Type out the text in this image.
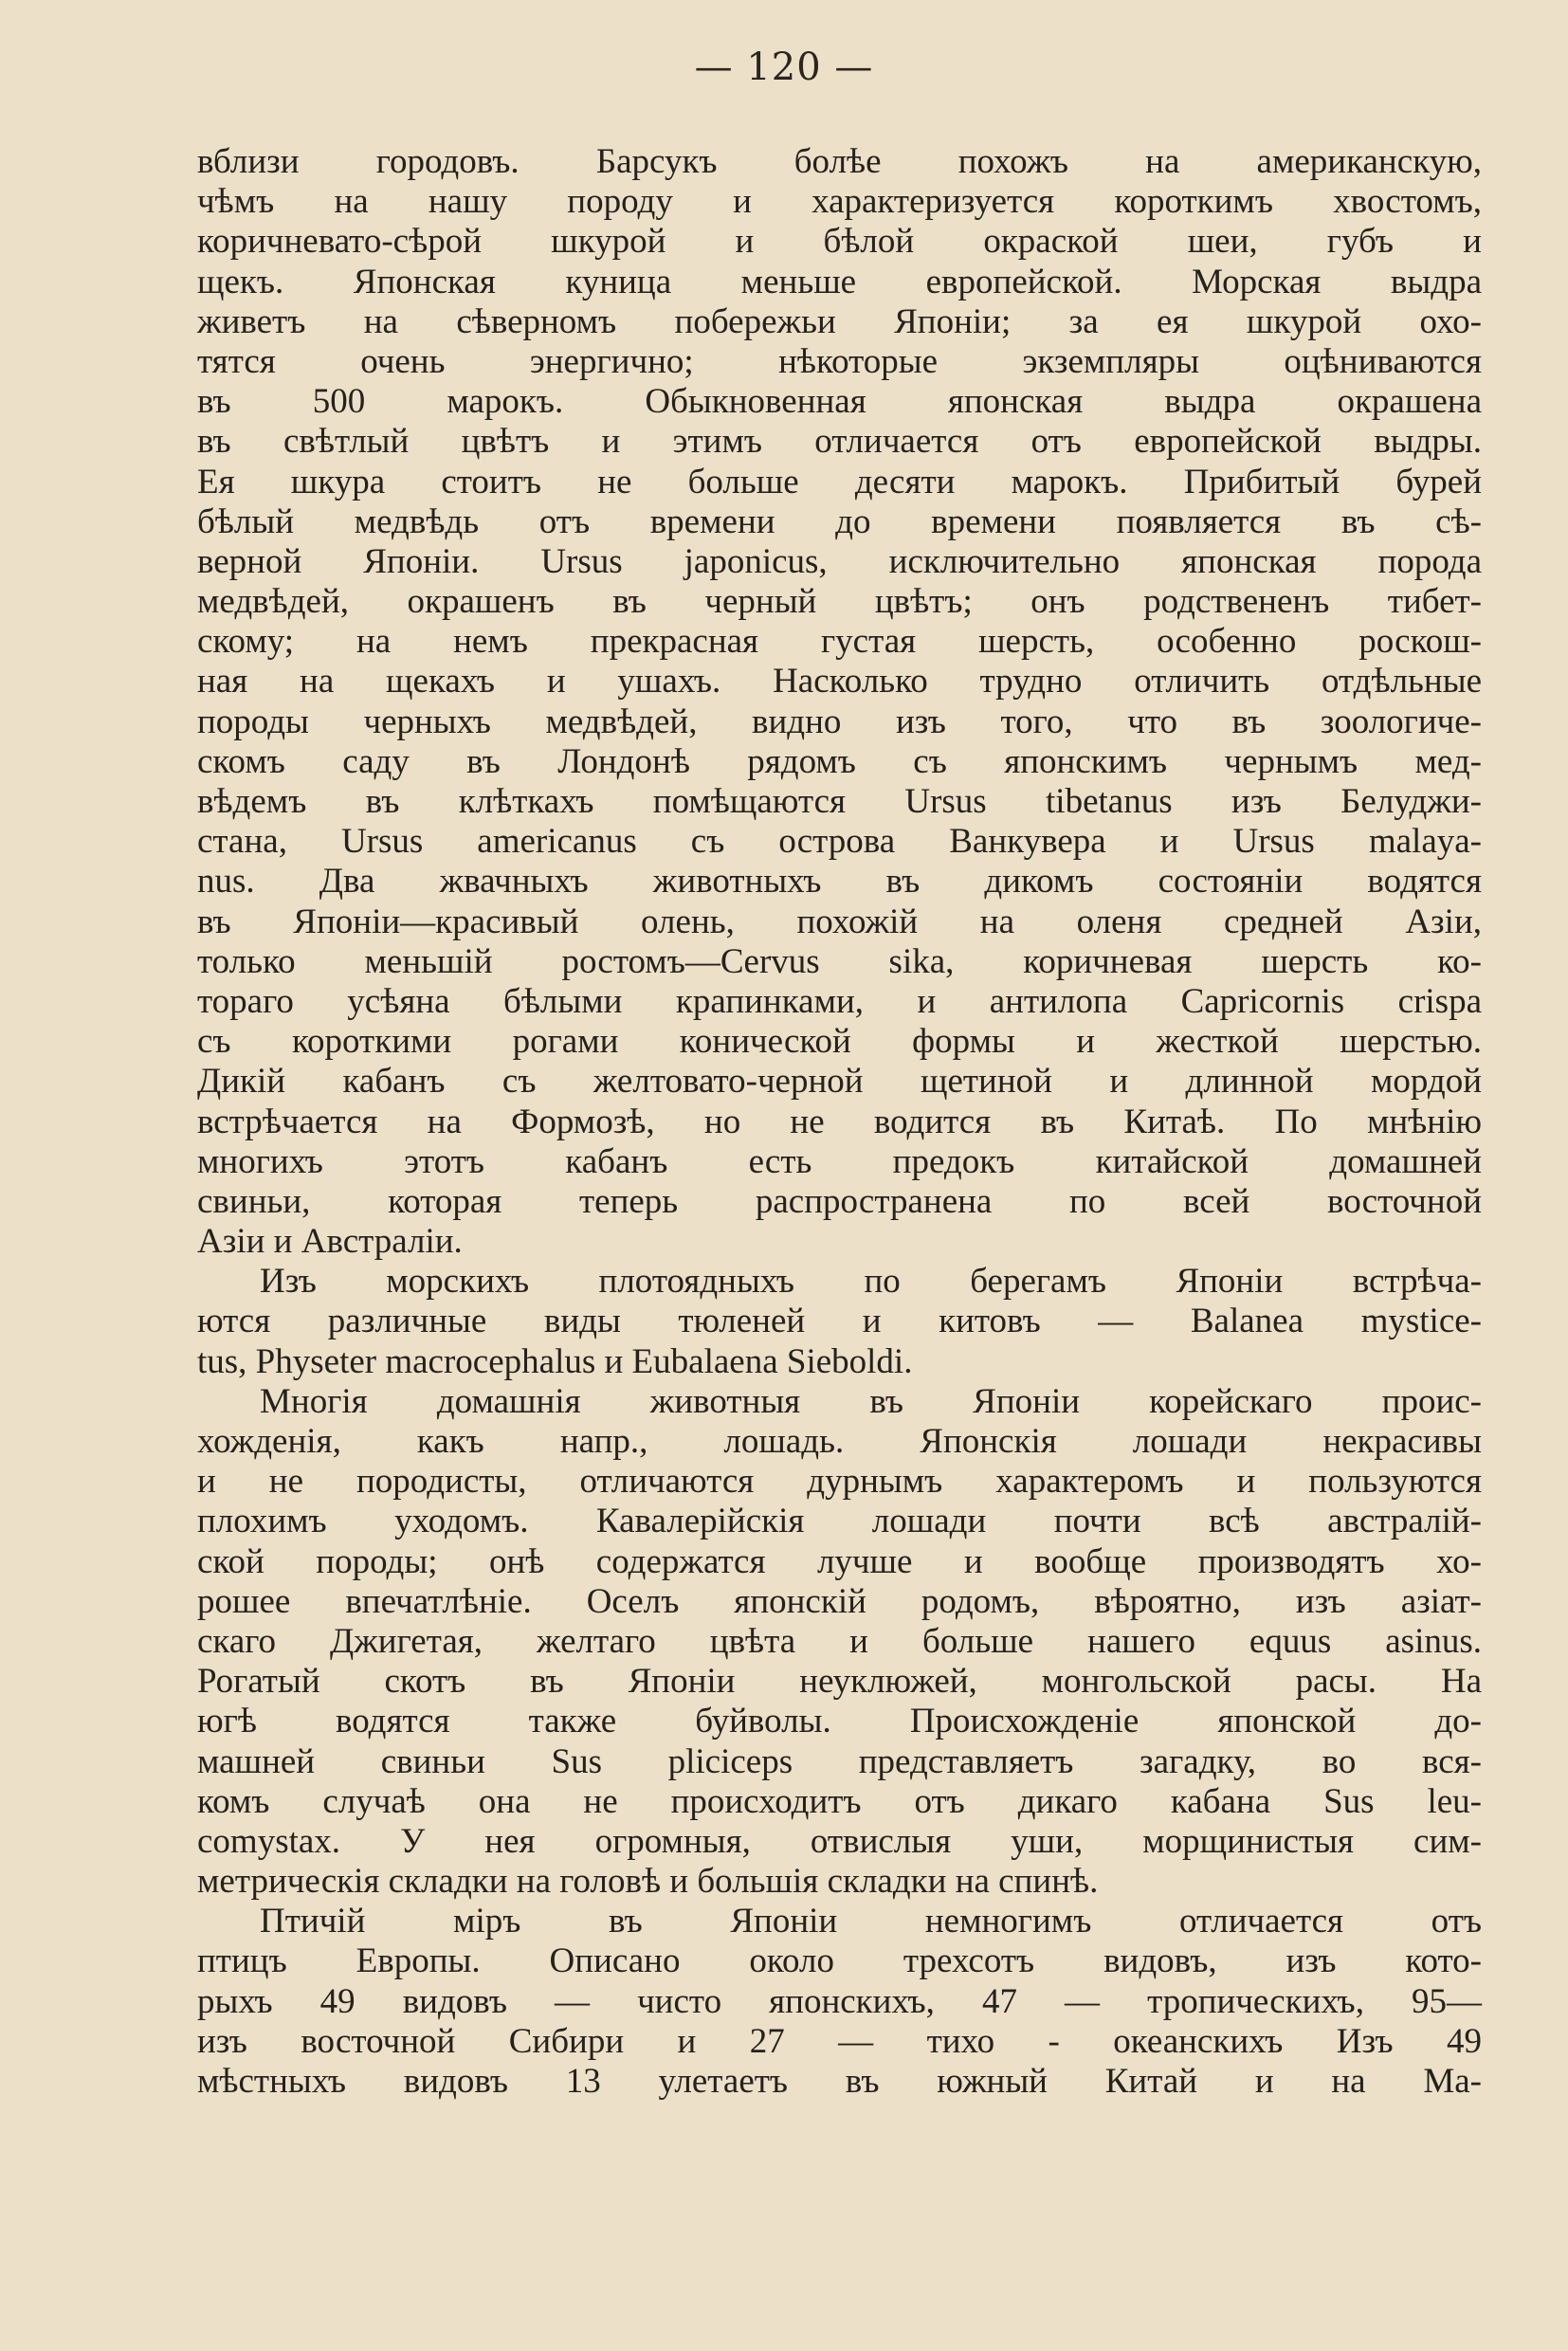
— 120 —
вблизи городовъ. Барсукъ болѣе похожъ на американскую,
чѣмъ на нашу породу и характеризуется короткимъ хвостомъ,
коричневато-сѣрой шкурой и бѣлой окраской шеи, губъ и
щекъ. Японская куница меньше европейской. Морская выдра
живетъ на сѣверномъ побережьи Японіи; за ея шкурой охо-
тятся очень энергично; нѣкоторые экземпляры оцѣниваются
въ 500 марокъ. Обыкновенная японская выдра окрашена
въ свѣтлый цвѣтъ и этимъ отличается отъ европейской выдры.
Ея шкура стоитъ не больше десяти марокъ. Прибитый бурей
бѣлый медвѣдь отъ времени до времени появляется въ сѣ-
верной Японіи. Ursus japonicus, исключительно японская порода
медвѣдей, окрашенъ въ черный цвѣтъ; онъ родствененъ тибет-
скому; на немъ прекрасная густая шерсть, особенно роскош-
ная на щекахъ и ушахъ. Насколько трудно отличить отдѣльные
породы черныхъ медвѣдей, видно изъ того, что въ зоологиче-
скомъ саду въ Лондонѣ рядомъ съ японскимъ чернымъ мед-
вѣдемъ въ клѣткахъ помѣщаются Ursus tibetanus изъ Белуджи-
стана, Ursus americanus съ острова Ванкувера и Ursus malaya-
nus. Два жвачныхъ животныхъ въ дикомъ состояніи водятся
въ Японіи—красивый олень, похожій на оленя средней Азіи,
только меньшій ростомъ—Cervus sika, коричневая шерсть ко-
тораго усѣяна бѣлыми крапинками, и антилопа Capricornis crispa
съ короткими рогами конической формы и жесткой шерстью.
Дикій кабанъ съ желтовато-черной щетиной и длинной мордой
встрѣчается на Формозѣ, но не водится въ Китаѣ. По мнѣнію
многихъ этотъ кабанъ есть предокъ китайской домашней
свиньи, которая теперь распространена по всей восточной
Азіи и Австраліи.
Изъ морскихъ плотоядныхъ по берегамъ Японіи встрѣча-
ются различные виды тюленей и китовъ — Balanea mysticе-
tus, Physeter macrocephalus и Eubalaena Sieboldi.
Многія домашнія животныя въ Японіи корейскаго проис-
хожденія, какъ напр., лошадь. Японскія лошади некрасивы
и не породисты, отличаются дурнымъ характеромъ и пользуются
плохимъ уходомъ. Кавалерійскія лошади почти всѣ австралій-
ской породы; онѣ содержатся лучше и вообще производятъ хо-
рошее впечатлѣніе. Оселъ японскій родомъ, вѣроятно, изъ азіат-
скаго Джигетая, желтаго цвѣта и больше нашего equus asinus.
Рогатый скотъ въ Японіи неуклюжей, монгольской расы. На
югѣ водятся также буйволы. Происхожденіе японской до-
машней свиньи Sus pliciceps представляетъ загадку, во вся-
комъ случаѣ она не происходитъ отъ дикаго кабана Sus leu-
comystax. У нея огромныя, отвислыя уши, морщинистыя сим-
метрическія складки на головѣ и большія складки на спинѣ.
Птичій міръ въ Японіи немногимъ отличается отъ
птицъ Европы. Описано около трехсотъ видовъ, изъ кото-
рыхъ 49 видовъ — чисто японскихъ, 47 — тропическихъ, 95—
изъ восточной Сибири и 27 — тихо - океанскихъ Изъ 49
мѣстныхъ видовъ 13 улетаетъ въ южный Китай и на Ма-
